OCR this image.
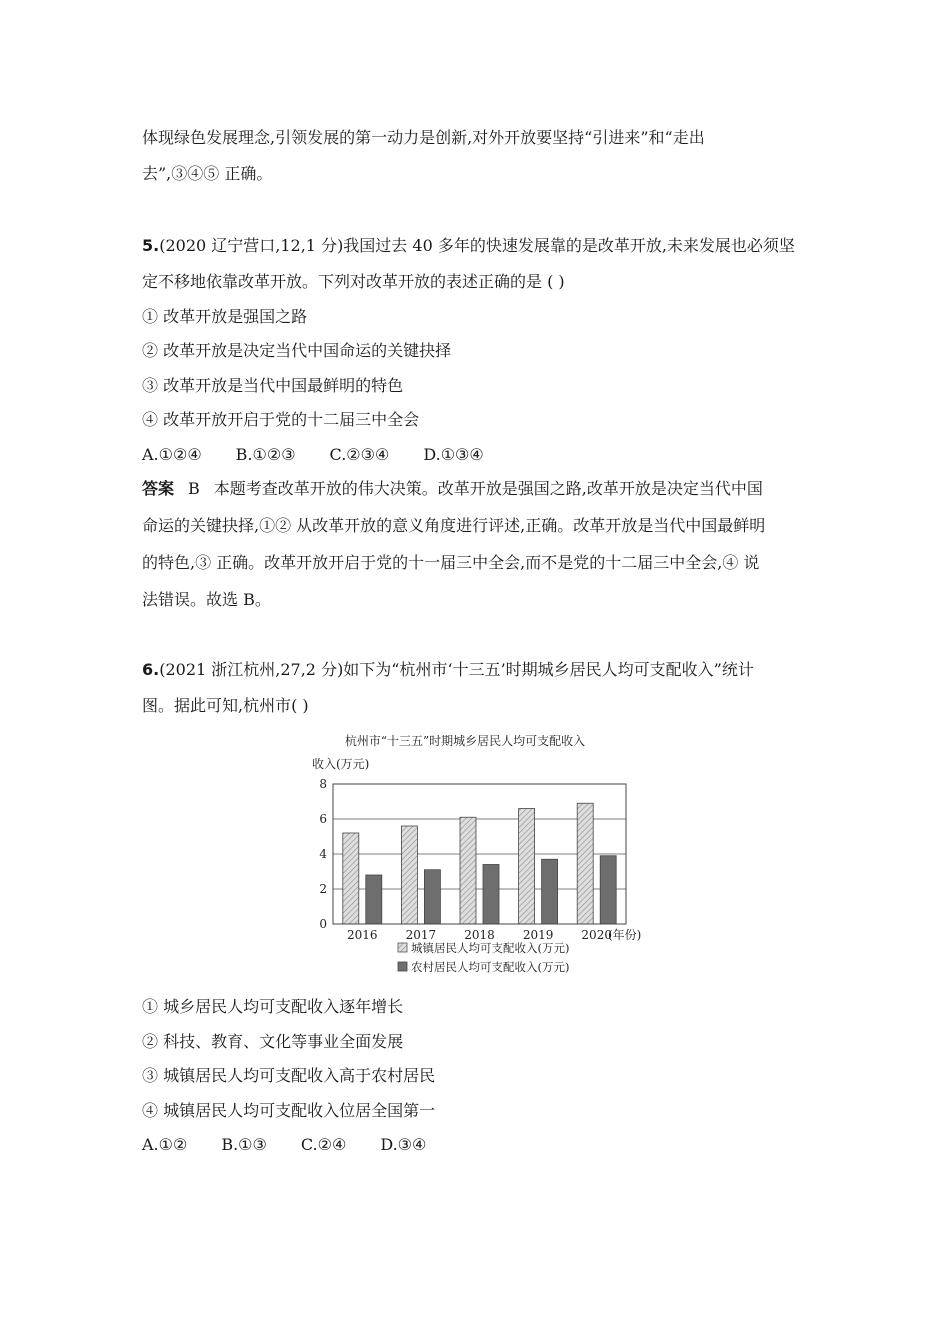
体现绿色发展理念,引领发展的第一动力是创新,对外开放要坚持“引进来”和“走出
去”,③④⑤ 正确。
5.(2020 辽宁营口,12,1 分)我国过去 40 多年的快速发展靠的是改革开放,未来发展也必须坚
定不移地依靠改革开放。下列对改革开放的表述正确的是 ( )
① 改革开放是强国之路
② 改革开放是决定当代中国命运的关键抉择
③ 改革开放是当代中国最鲜明的特色
④ 改革开放开启于党的十二届三中全会
A.①②④ B.①②③ C.②③④ D.①③④
答案 B 本题考查改革开放的伟大决策。改革开放是强国之路,改革开放是决定当代中国
命运的关键抉择,①② 从改革开放的意义角度进行评述,正确。改革开放是当代中国最鲜明
的特色,③ 正确。改革开放开启于党的十一届三中全会,而不是党的十二届三中全会,④ 说
法错误。故选 B。
6.(2021 浙江杭州,27,2 分)如下为“杭州市‘十三五’时期城乡居民人均可支配收入”统计
图。据此可知,杭州市( )
杭州市“十三五”时期城乡居民人均可支配收入
收入(万元)
0
2
4
6
8
2016 2017 2018 2019 2020
(年份)
城镇居民人均可支配收入(万元)
农村居民人均可支配收入(万元)
① 城乡居民人均可支配收入逐年增长
② 科技、教育、文化等事业全面发展
③ 城镇居民人均可支配收入高于农村居民
④ 城镇居民人均可支配收入位居全国第一
A.①② B.①③ C.②④ D.③④
